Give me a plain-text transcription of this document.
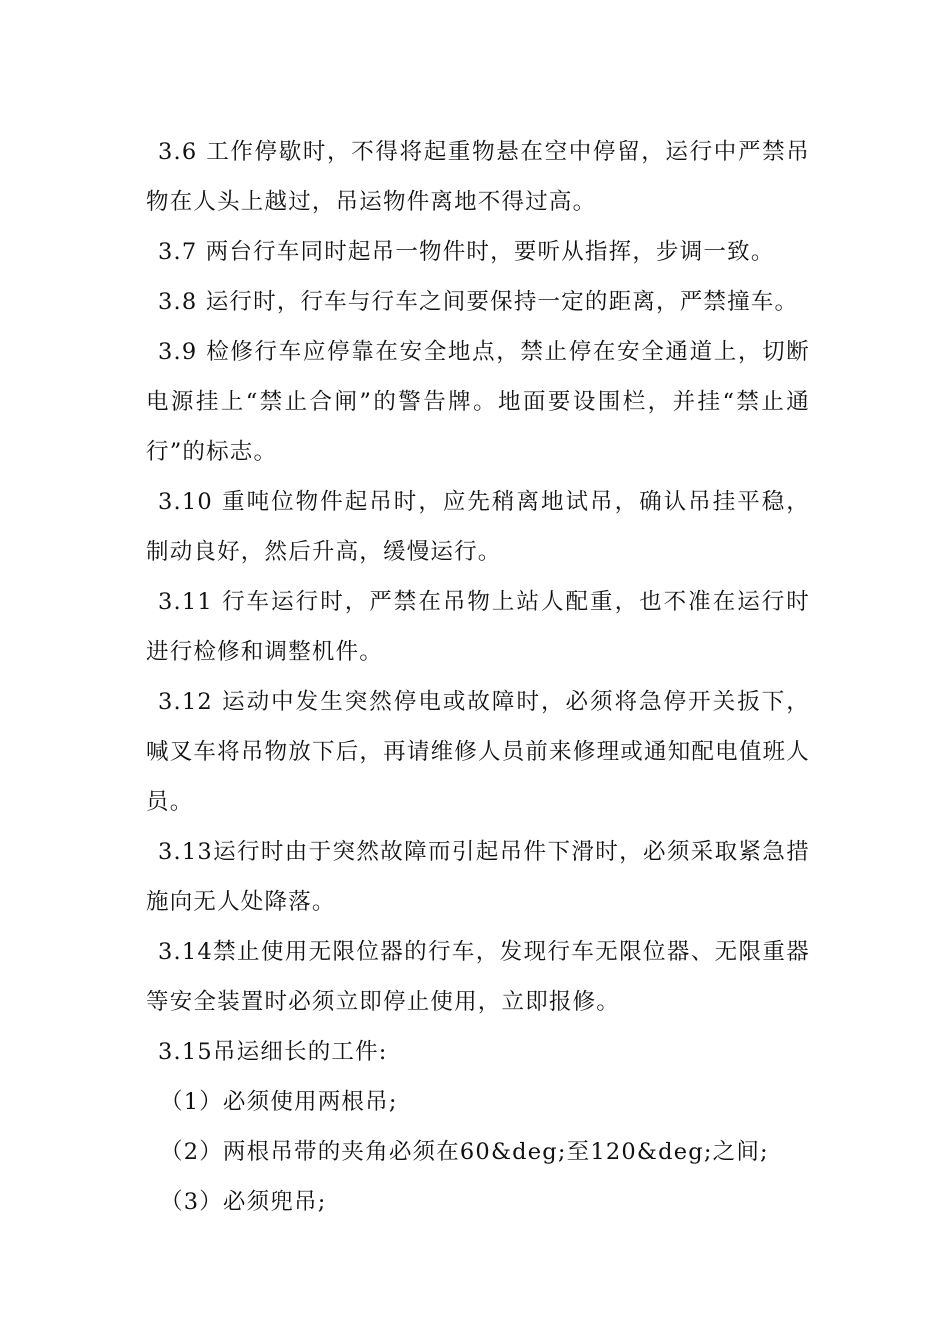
3.6 工作停歇时，不得将起重物悬在空中停留，运行中严禁吊物在人头上越过，吊运物件离地不得过高。

3.7 两台行车同时起吊一物件时，要听从指挥，步调一致。

3.8 运行时，行车与行车之间要保持一定的距离，严禁撞车。

3.9 检修行车应停靠在安全地点，禁止停在安全通道上，切断电源挂上“禁止合闸”的警告牌。地面要设围栏，并挂“禁止通行”的标志。

3.10 重吨位物件起吊时，应先稍离地试吊，确认吊挂平稳，制动良好，然后升高，缓慢运行。

3.11 行车运行时，严禁在吊物上站人配重，也不准在运行时进行检修和调整机件。

3.12 运动中发生突然停电或故障时，必须将急停开关扳下，喊叉车将吊物放下后，再请维修人员前来修理或通知配电值班人员。

3.13运行时由于突然故障而引起吊件下滑时，必须采取紧急措施向无人处降落。

3.14禁止使用无限位器的行车，发现行车无限位器、无限重器等安全装置时必须立即停止使用，立即报修。

3.15吊运细长的工件:

（1）必须使用两根吊;

（2）两根吊带的夹角必须在60&deg;至120&deg;之间;

（3）必须兜吊;
